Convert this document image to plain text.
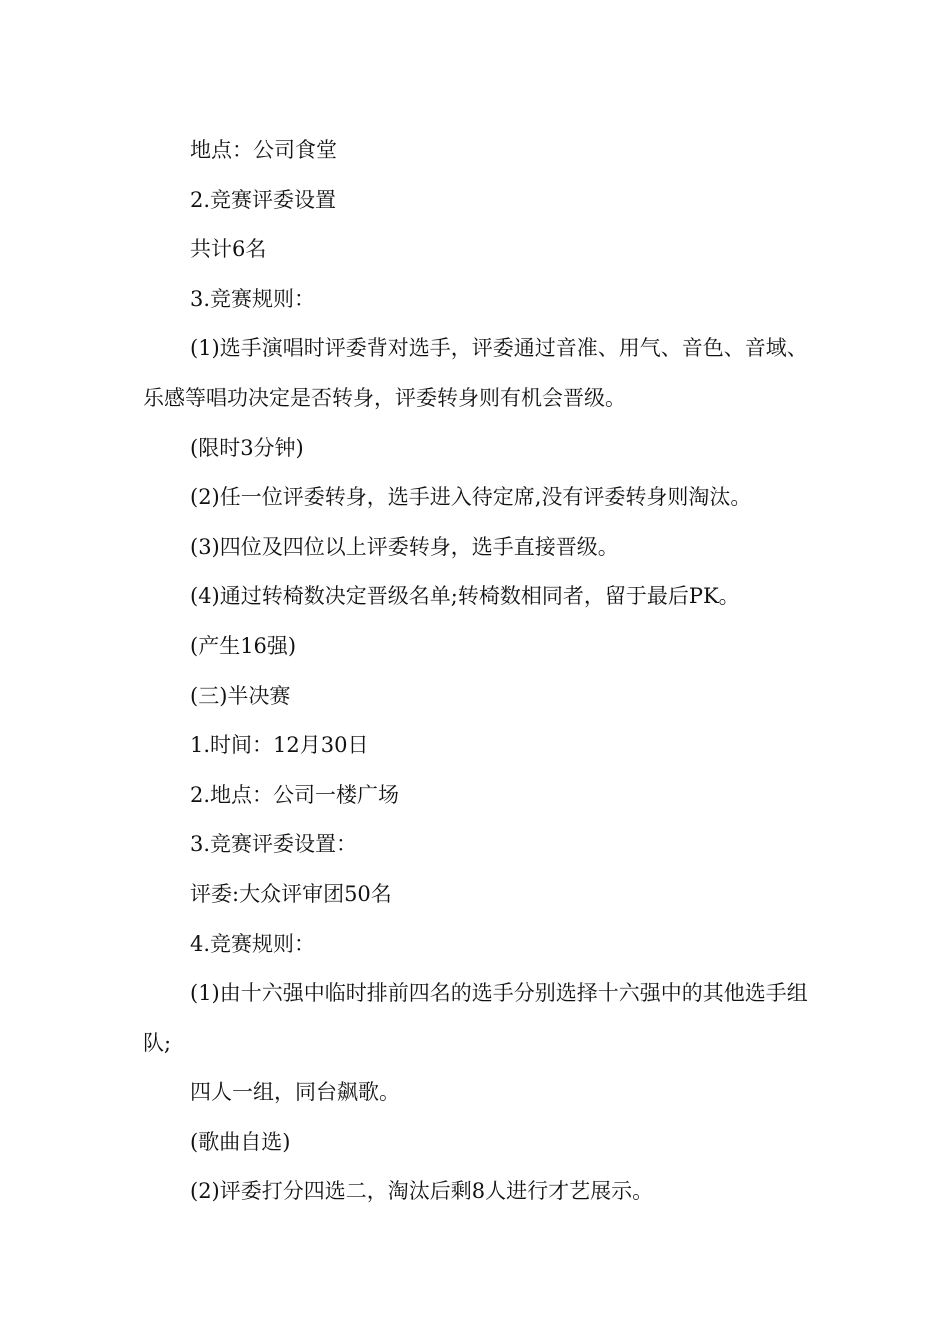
地点：公司食堂

2.竞赛评委设置

共计6名

3.竞赛规则：

(1)选手演唱时评委背对选手，评委通过音准、用气、音色、音域、乐感等唱功决定是否转身，评委转身则有机会晋级。

(限时3分钟)

(2)任一位评委转身，选手进入待定席,没有评委转身则淘汰。

(3)四位及四位以上评委转身，选手直接晋级。

(4)通过转椅数决定晋级名单;转椅数相同者，留于最后PK。

(产生16强)

(三)半决赛

1.时间：12月30日

2.地点：公司一楼广场

3.竞赛评委设置：

评委:大众评审团50名

4.竞赛规则：

(1)由十六强中临时排前四名的选手分别选择十六强中的其他选手组队;

四人一组，同台飙歌。

(歌曲自选)

(2)评委打分四选二，淘汰后剩8人进行才艺展示。
